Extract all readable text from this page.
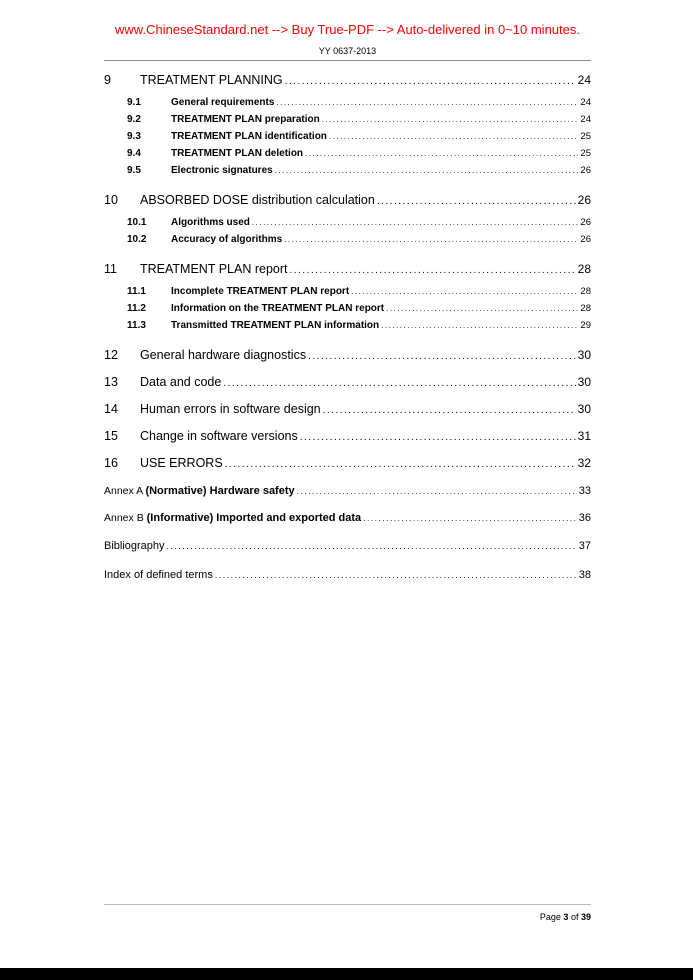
www.ChineseStandard.net --> Buy True-PDF --> Auto-delivered in 0~10 minutes.
YY 0637-2013
9	TREATMENT PLANNING .....	24
9.1	General requirements .....	24
9.2	TREATMENT PLAN preparation .....	24
9.3	TREATMENT PLAN identification .....	25
9.4	TREATMENT PLAN deletion .....	25
9.5	Electronic signatures .....	26
10	ABSORBED DOSE distribution calculation .....	26
10.1	Algorithms used .....	26
10.2	Accuracy of algorithms .....	26
11	TREATMENT PLAN report .....	28
11.1	Incomplete TREATMENT PLAN report .....	28
11.2	Information on the TREATMENT PLAN report .....	28
11.3	Transmitted TREATMENT PLAN information .....	29
12	General hardware diagnostics .....	30
13	Data and code .....	30
14	Human errors in software design .....	30
15	Change in software versions .....	31
16	USE ERRORS .....	32
Annex A (Normative) Hardware safety .....	33
Annex B (Informative) Imported and exported data .....	36
Bibliography .....	37
Index of defined terms .....	38
Page 3 of 39
